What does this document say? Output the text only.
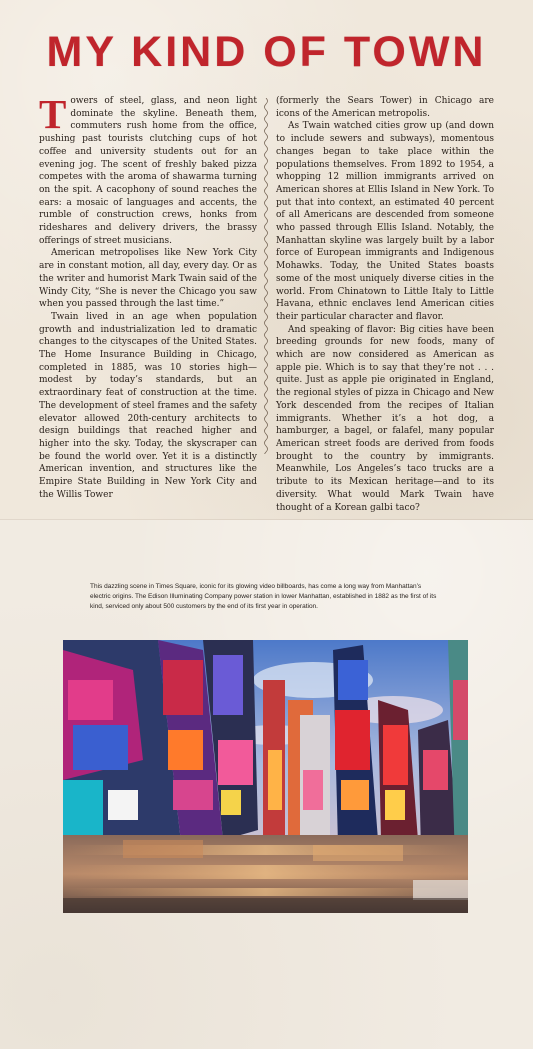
MY KIND OF TOWN

Towers of steel, glass, and neon light dominate the skyline. Beneath them, commuters rush home from the office, pushing past tourists clutching cups of hot coffee and university students out for an evening jog. The scent of freshly baked pizza competes with the aroma of shawarma turning on the spit. A cacophony of sound reaches the ears: a mosaic of languages and accents, the rumble of construction crews, honks from rideshares and delivery drivers, the brassy offerings of street musicians.

American metropolises like New York City are in constant motion, all day, every day. Or as the writer and humorist Mark Twain said of the Windy City, “She is never the Chicago you saw when you passed through the last time.”

Twain lived in an age when population growth and industrialization led to dramatic changes to the cityscapes of the United States. The Home Insurance Building in Chicago, completed in 1885, was 10 stories high—modest by today’s standards, but an extraordinary feat of construction at the time. The development of steel frames and the safety elevator allowed 20th-century architects to design buildings that reached higher and higher into the sky. Today, the skyscraper can be found the world over. Yet it is a distinctly American invention, and structures like the Empire State Building in New York City and the Willis Tower

(formerly the Sears Tower) in Chicago are icons of the American metropolis.

As Twain watched cities grow up (and down to include sewers and subways), momentous changes began to take place within the populations themselves. From 1892 to 1954, a whopping 12 million immigrants arrived on American shores at Ellis Island in New York. To put that into context, an estimated 40 percent of all Americans are descended from someone who passed through Ellis Island. Notably, the Manhattan skyline was largely built by a labor force of European immigrants and Indigenous Mohawks. Today, the United States boasts some of the most uniquely diverse cities in the world. From Chinatown to Little Italy to Little Havana, ethnic enclaves lend American cities their particular character and flavor.

And speaking of flavor: Big cities have been breeding grounds for new foods, many of which are now considered as American as apple pie. Which is to say that they’re not . . . quite. Just as apple pie originated in England, the regional styles of pizza in Chicago and New York descended from the recipes of Italian immigrants. Whether it’s a hot dog, a hamburger, a bagel, or falafel, many popular American street foods are derived from foods brought to the country by immigrants. Meanwhile, Los Angeles’s taco trucks are a tribute to its Mexican heritage—and to its diversity. What would Mark Twain have thought of a Korean galbi taco?

This dazzling scene in Times Square, iconic for its glowing video billboards, has come a long way from Manhattan’s electric origins. The Edison Illuminating Company power station in lower Manhattan, established in 1882 as the first of its kind, serviced only about 500 customers by the end of its first year in operation.
